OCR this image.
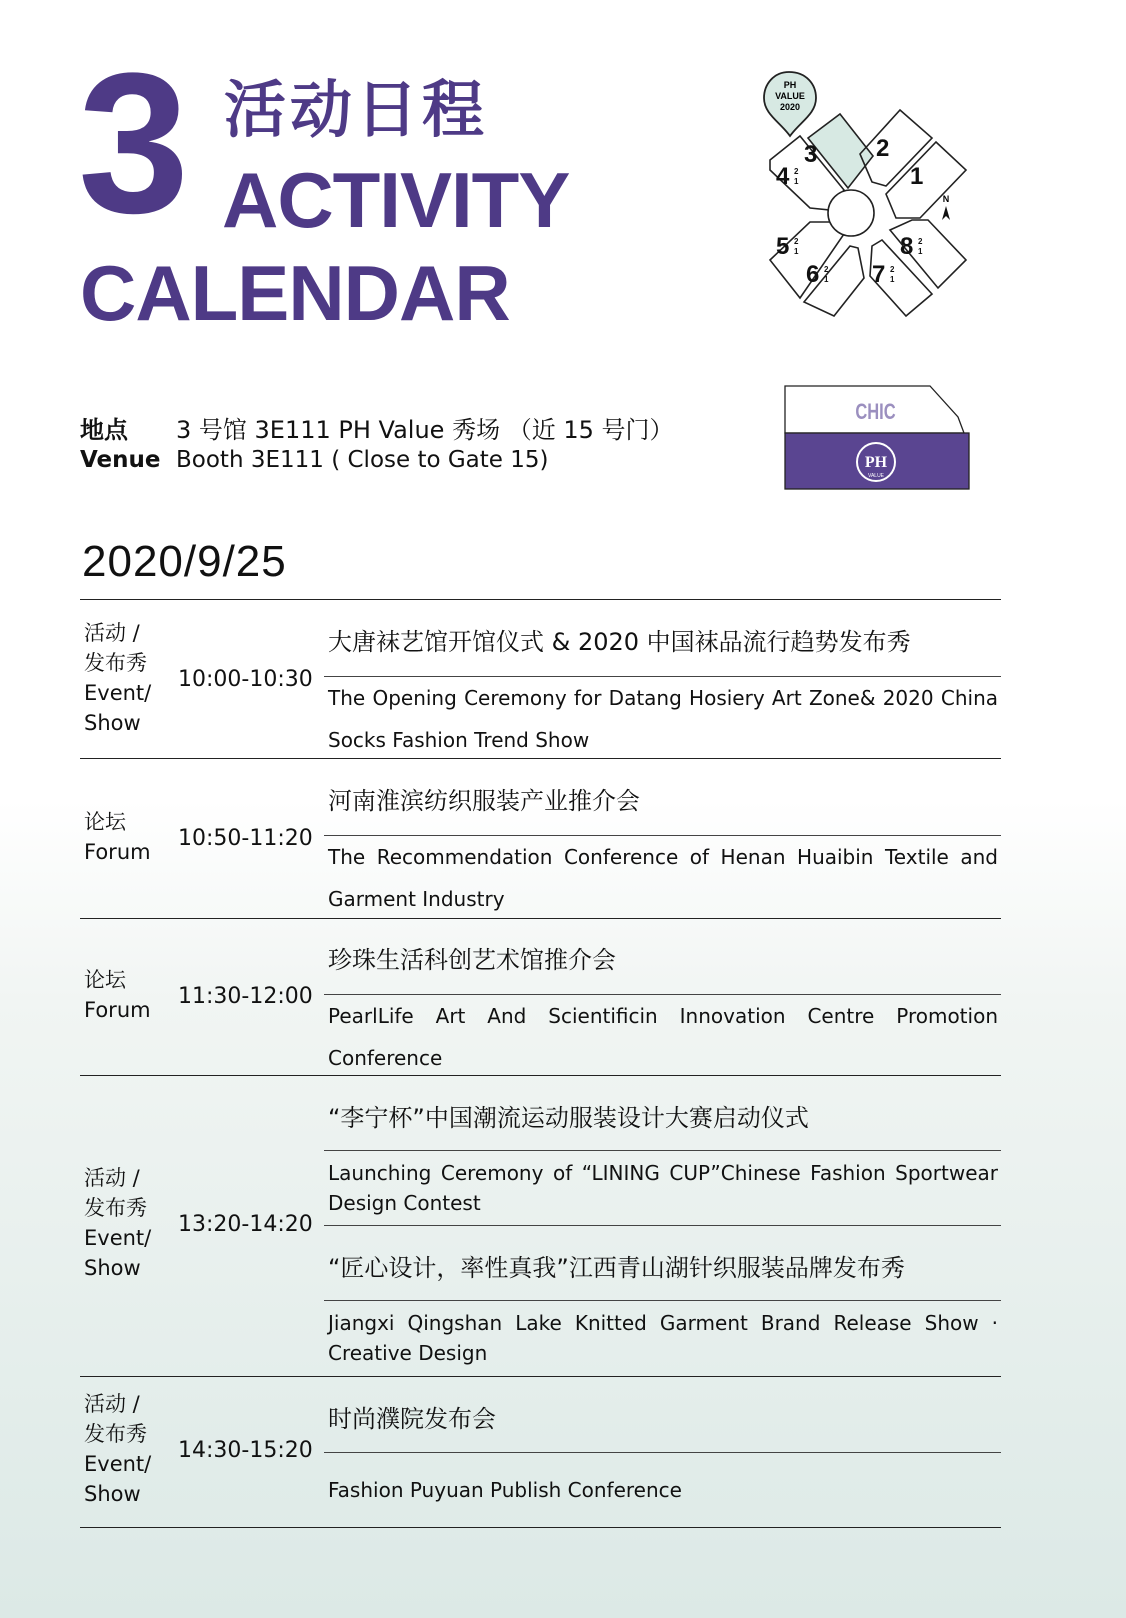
3 活动日程
ACTIVITY
CALENDAR
PH
VALUE
2020
3 2
1
4
5
6 7
8
2
1
2
1
2
1
2
1
2
1
N
CHIC
PH
VALUE
地点
Venue
3 号馆 3E111 PH Value 秀场 （近 15 号门）
Booth 3E111 ( Close to Gate 15)
2020/9/25
活动 /
发布秀
Event/
Show
10:00-10:30
大唐袜艺馆开馆仪式 & 2020 中国袜品流行趋势发布秀
The Opening Ceremony for Datang Hosiery Art Zone& 2020 China Socks Fashion Trend Show
论坛
Forum
10:50-11:20
河南淮滨纺织服装产业推介会
The Recommendation Conference of Henan Huaibin Textile and Garment Industry
论坛
Forum
11:30-12:00
珍珠生活科创艺术馆推介会
PearlLife Art And Scientificin Innovation Centre Promotion Conference
活动 /
发布秀
Event/
Show
13:20-14:20
“李宁杯”中国潮流运动服装设计大赛启动仪式
Launching Ceremony of “LINING CUP”Chinese Fashion Sportwear Design Contest
“匠心设计，率性真我”江西青山湖针织服装品牌发布秀
Jiangxi Qingshan Lake Knitted Garment Brand Release Show · Creative Design
活动 /
发布秀
Event/
Show
14:30-15:20
时尚濮院发布会
Fashion Puyuan Publish Conference
